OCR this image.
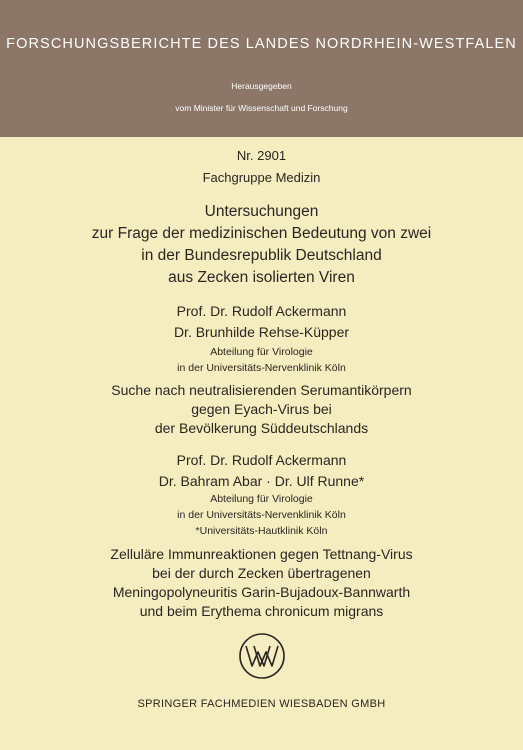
FORSCHUNGSBERICHTE DES LANDES NORDRHEIN-WESTFALEN
Herausgegeben
vom Minister für Wissenschaft und Forschung
Nr. 2901
Fachgruppe Medizin
Untersuchungen
zur Frage der medizinischen Bedeutung von zwei
in der Bundesrepublik Deutschland
aus Zecken isolierten Viren
Prof. Dr. Rudolf Ackermann
Dr. Brunhilde Rehse-Küpper
Abteilung für Virologie
in der Universitäts-Nervenklinik Köln
Suche nach neutralisierenden Serumantikörpern
gegen Eyach-Virus bei
der Bevölkerung Süddeutschlands
Prof. Dr. Rudolf Ackermann
Dr. Bahram Abar · Dr. Ulf Runne*
Abteilung für Virologie
in der Universitäts-Nervenklinik Köln
*Universitäts-Hautklinik Köln
Zelluläre Immunreaktionen gegen Tettnang-Virus
bei der durch Zecken übertragenen
Meningopolyneuritis Garin-Bujadoux-Bannwarth
und beim Erythema chronicum migrans
SPRINGER FACHMEDIEN WIESBADEN GMBH
